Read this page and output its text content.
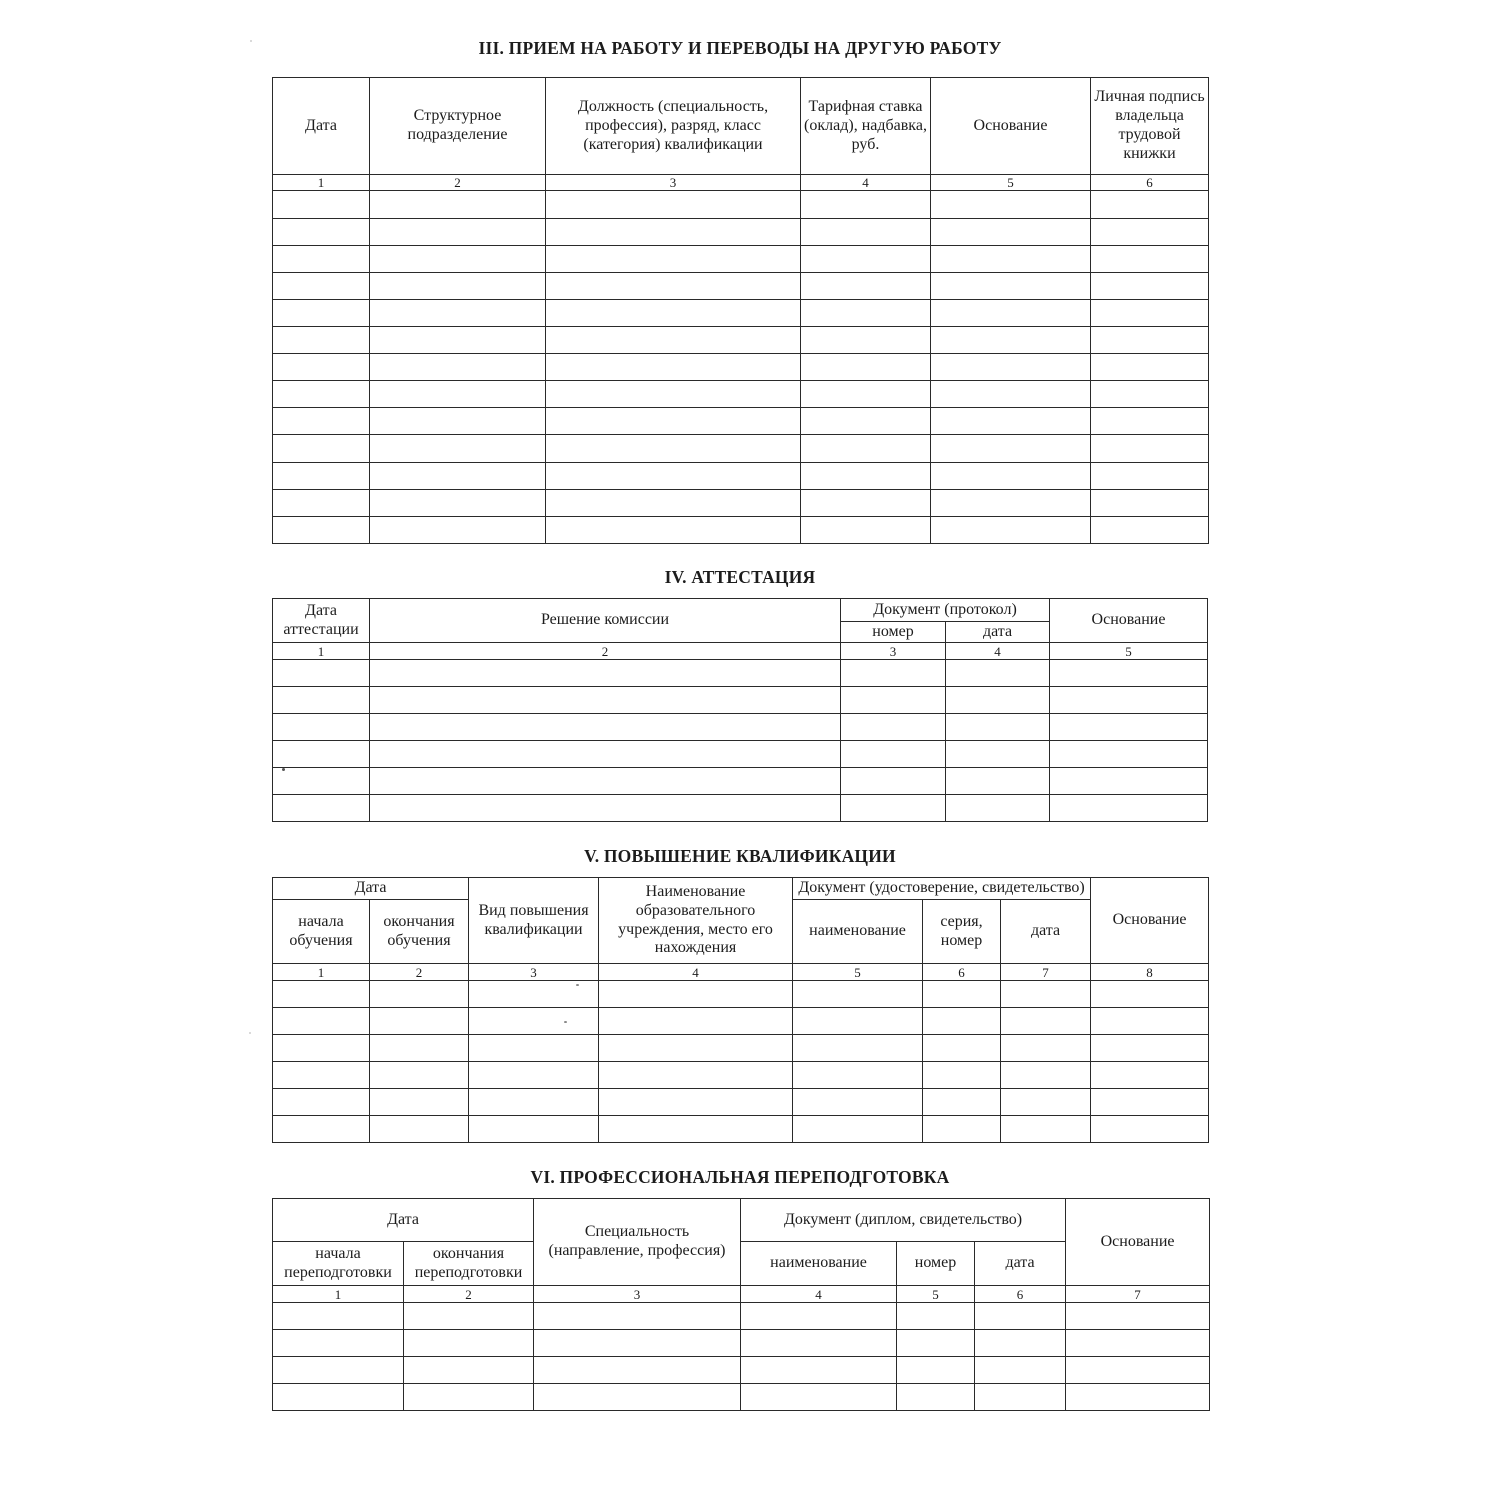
III. ПРИЕМ НА РАБОТУ И ПЕРЕВОДЫ НА ДРУГУЮ РАБОТУ
Дата	Структурное подразделение	Должность (специальность, профессия), разряд, класс (категория) квалификации	Тарифная ставка (оклад), надбавка, руб.	Основание	Личная подпись владельца трудовой книжки
1	2	3	4	5	6

IV. АТТЕСТАЦИЯ
Дата аттестации	Решение комиссии	Документ (протокол)		Основание
		номер	дата	
1	2	3	4	5

V. ПОВЫШЕНИЕ КВАЛИФИКАЦИИ
Дата		Вид повышения квалификации	Наименование образовательного учреждения, место его нахождения	Документ (удостоверение, свидетельство)			Основание
начала обучения	окончания обучения			наименование	серия, номер	дата	
1	2	3	4	5	6	7	8

VI. ПРОФЕССИОНАЛЬНАЯ ПЕРЕПОДГОТОВКА
Дата		Специальность (направление, профессия)	Документ (диплом, свидетельство)			Основание
начала переподготовки	окончания переподготовки		наименование	номер	дата	
1	2	3	4	5	6	7
